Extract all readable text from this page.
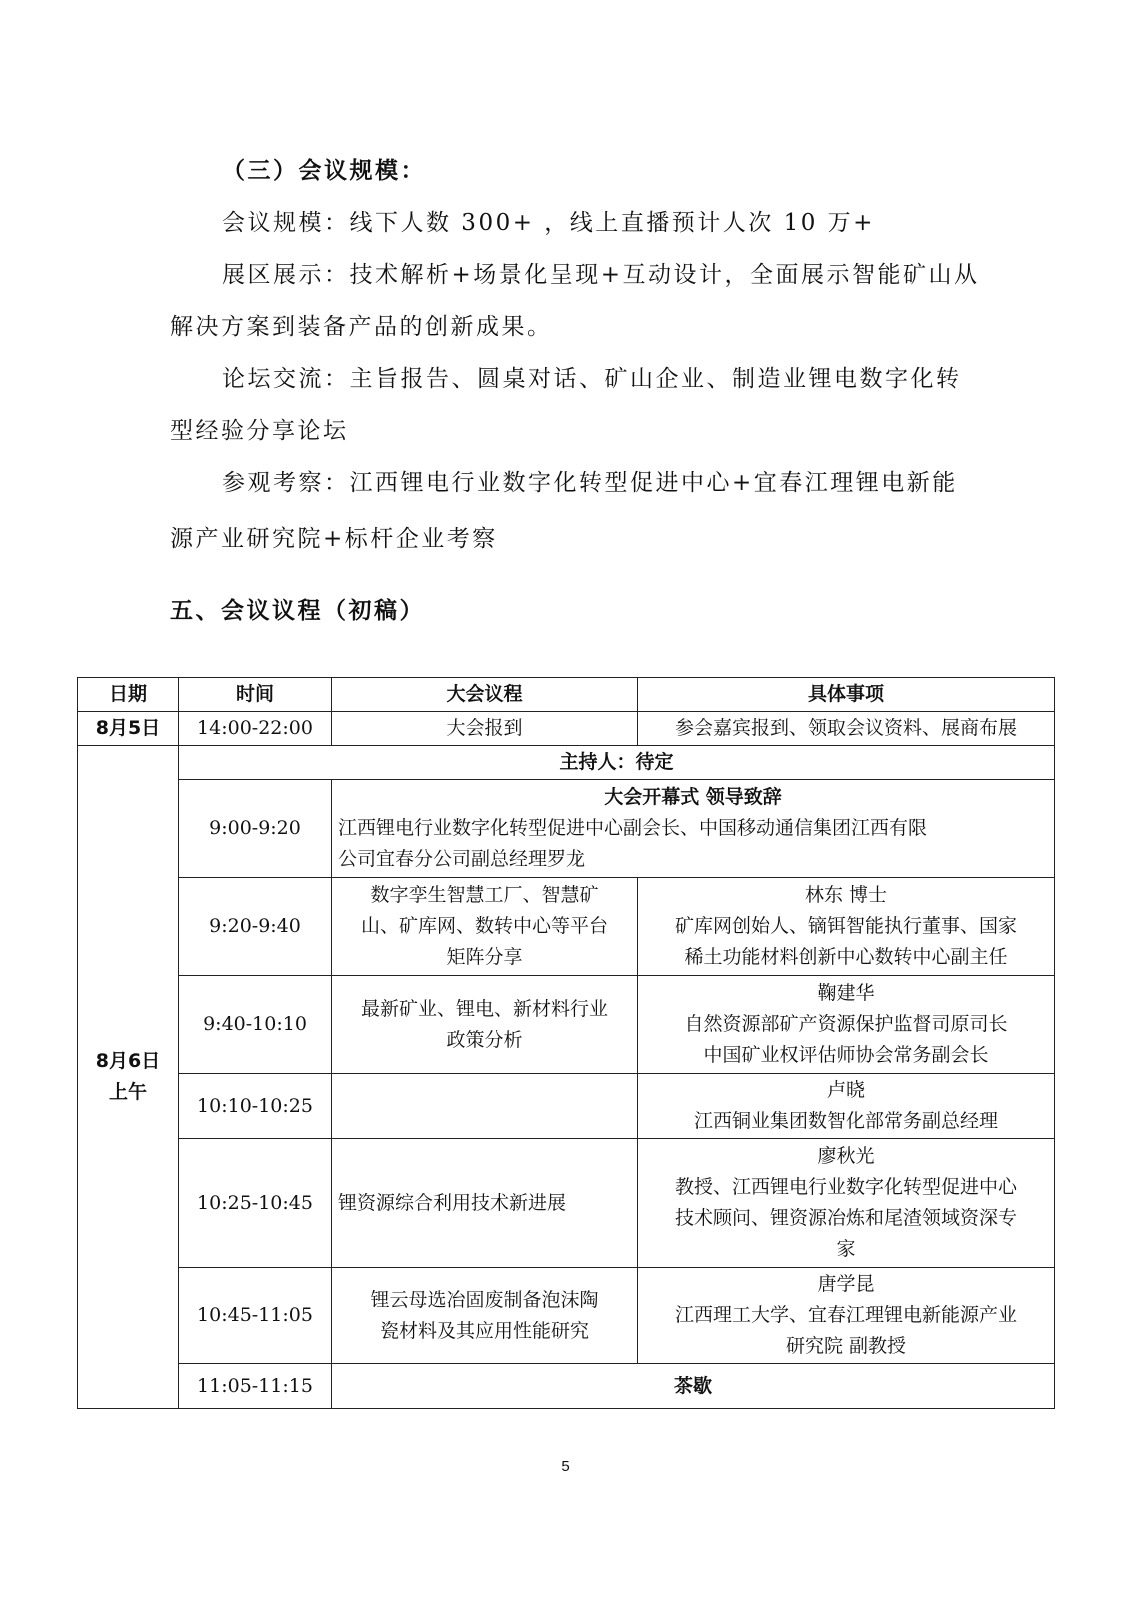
（三）会议规模：
会议规模：线下人数 300+ ，线上直播预计人次 10 万+
展区展示：技术解析+场景化呈现+互动设计，全面展示智能矿山从
解决方案到装备产品的创新成果。
论坛交流：主旨报告、圆桌对话、矿山企业、制造业锂电数字化转
型经验分享论坛
参观考察：江西锂电行业数字化转型促进中心+宜春江理锂电新能
源产业研究院+标杆企业考察
五、会议议程（初稿）
日期	时间	大会议程	具体事项
8月5日	14:00-22:00	大会报到	参会嘉宾报到、领取会议资料、展商布展

8月6日
上午	主持人：待定		
	9:00-9:20	大会开幕式 领导致辞
江西锂电行业数字化转型促进中心副会长、中国移动通信集团江西有限
公司宜春分公司副总经理罗龙	

	9:20-9:40	数字孪生智慧工厂、智慧矿
山、矿库网、数转中心等平台
矩阵分享	林东 博士
矿库网创始人、镝铒智能执行董事、国家
稀土功能材料创新中心数转中心副主任

	9:40-10:10	最新矿业、锂电、新材料行业
政策分析	鞠建华
自然资源部矿产资源保护监督司原司长
中国矿业权评估师协会常务副会长

	10:10-10:25		卢晓
江西铜业集团数智化部常务副总经理

	10:25-10:45	锂资源综合利用技术新进展	廖秋光
教授、江西锂电行业数字化转型促进中心
技术顾问、锂资源冶炼和尾渣领域资深专
家

	10:45-11:05	锂云母选冶固废制备泡沫陶
瓷材料及其应用性能研究	唐学昆
江西理工大学、宜春江理锂电新能源产业
研究院 副教授

	11:05-11:15	茶歇	
5
